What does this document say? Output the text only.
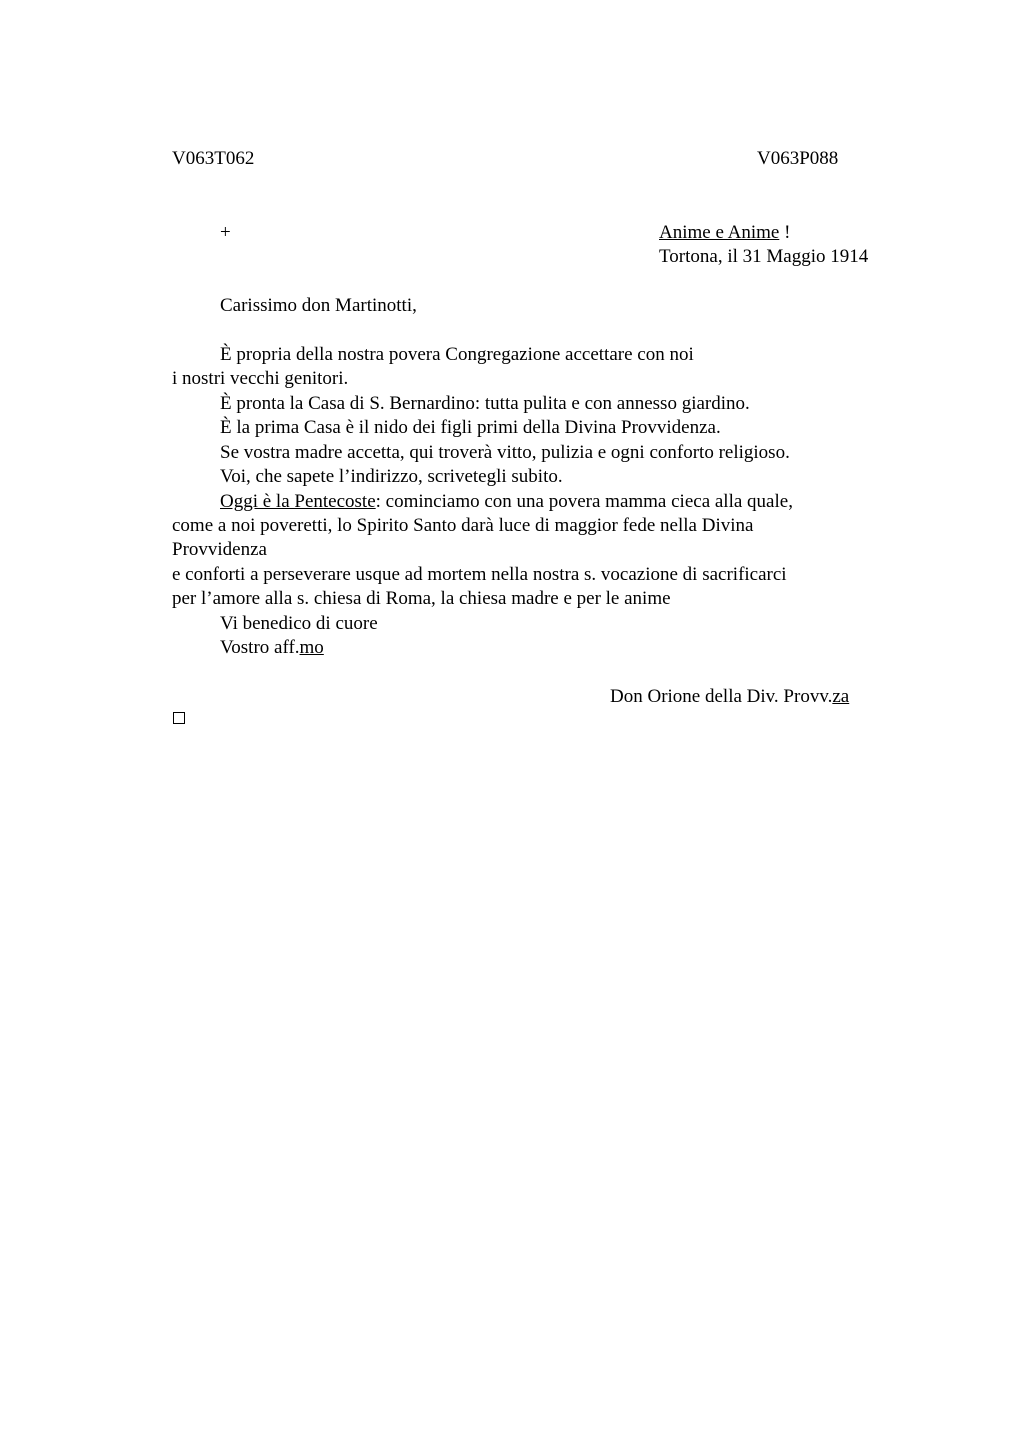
V063T062	V063P088
+	Anime e Anime !
Tortona, il 31 Maggio 1914
Carissimo don Martinotti,
È propria della nostra povera Congregazione accettare con noi
i nostri vecchi genitori.
È pronta la Casa di S. Bernardino: tutta pulita e con annesso giardino.
È la prima Casa è il nido dei figli primi della Divina Provvidenza.
Se vostra madre accetta, qui troverà vitto, pulizia e ogni conforto religioso.
Voi, che sapete l’indirizzo, scrivetegli subito.
Oggi è la Pentecoste: cominciamo con una povera mamma cieca alla quale,
come a noi poveretti, lo Spirito Santo darà luce di maggior fede nella Divina
Provvidenza
e conforti a perseverare usque ad mortem nella nostra s. vocazione di sacrificarci
per l’amore alla s. chiesa di Roma, la chiesa madre e per le anime
Vi benedico di cuore
Vostro aff.mo
Don Orione della Div. Provv.za
